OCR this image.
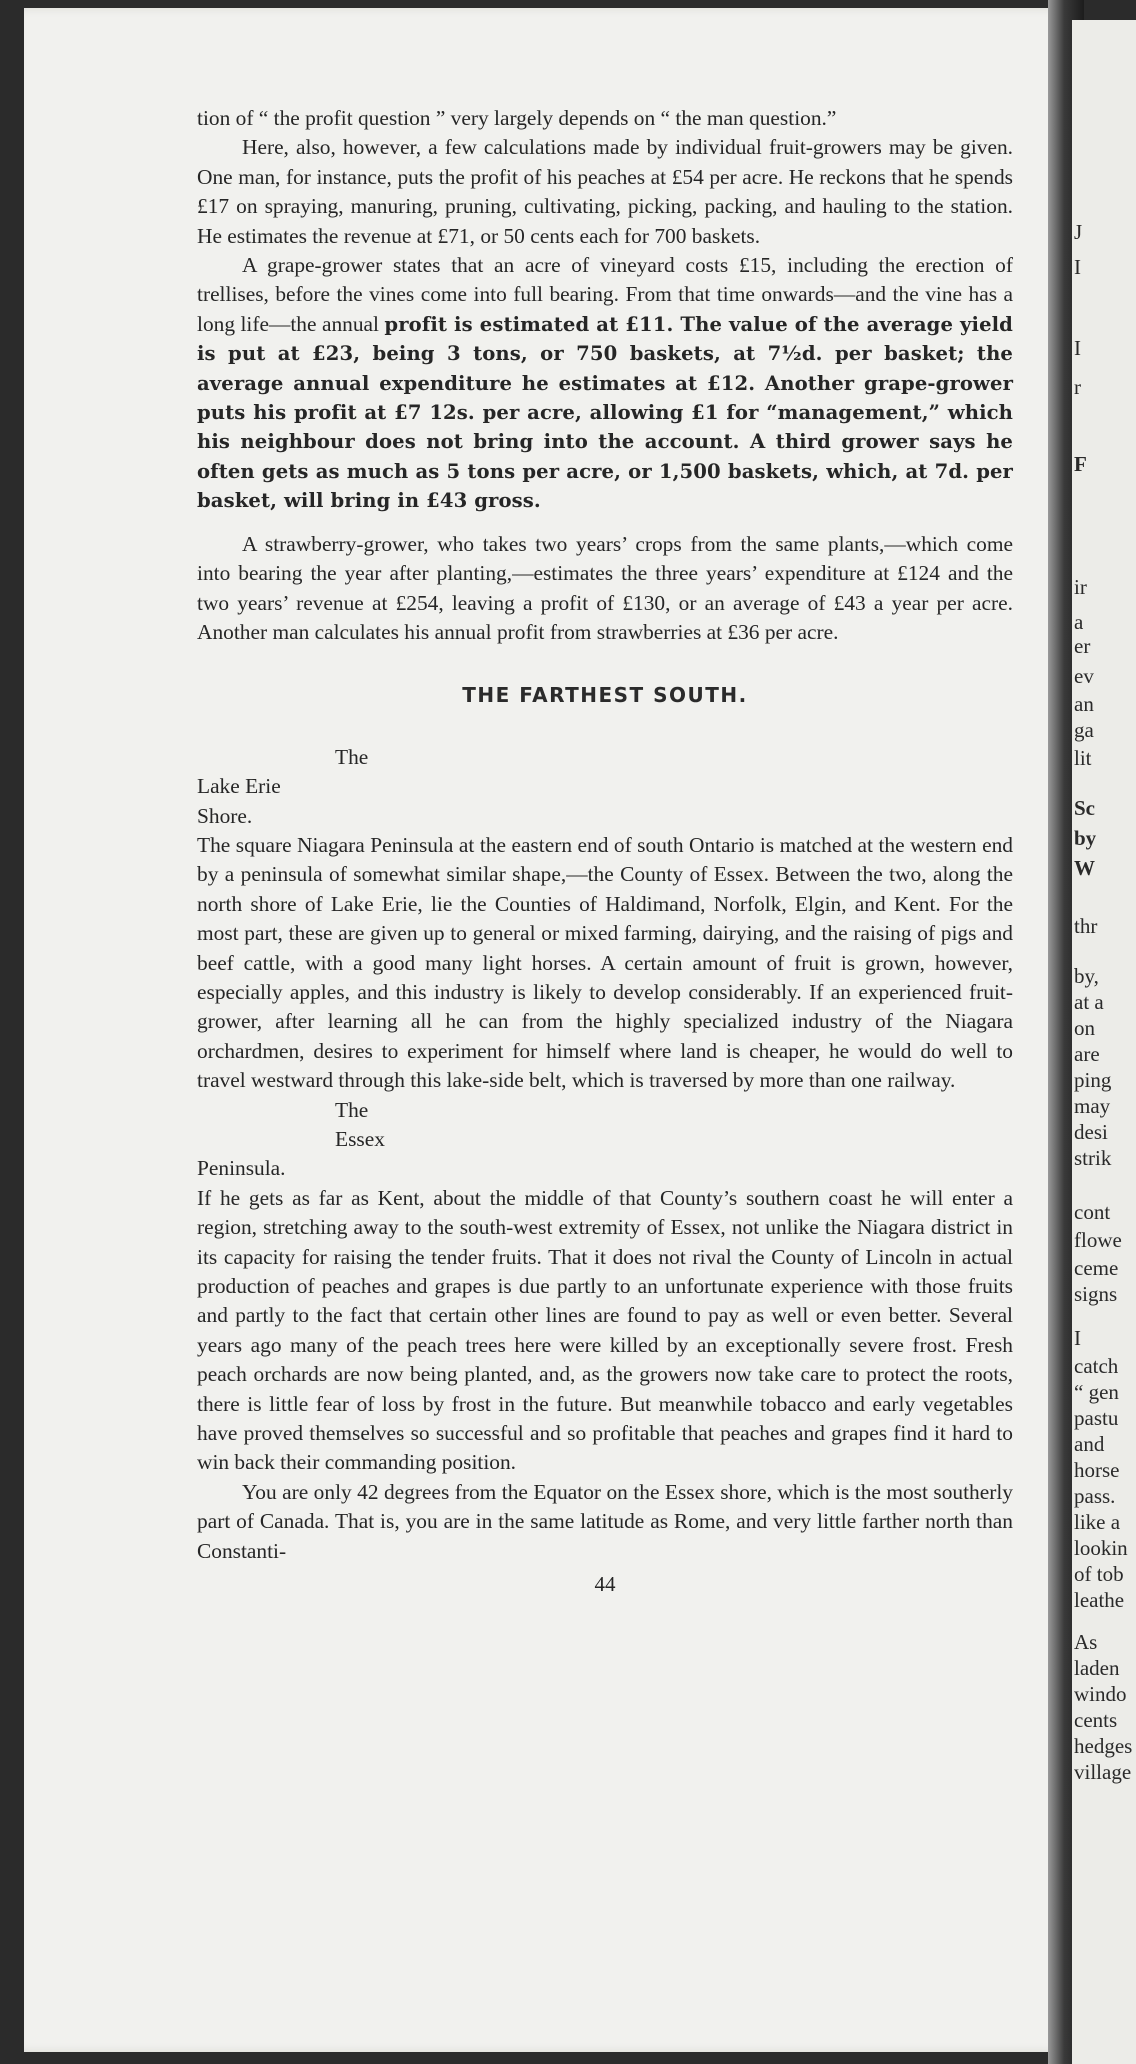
J
I
I
r
F
ir
a
er
ev
an
ga
lit
Sc
by
W
thr
by,
at a
on
are
ping
may
desi
strik
cont
flowe
ceme
signs
I
catch
“ gen
pastu
and
horse
pass.
like a
lookin
of tob
leathe
As
laden
windo
cents
hedges
village

tion of “ the profit question ” very largely depends on “ the man question.”

Here, also, however, a few calculations made by individual fruit-growers may be given. One man, for instance, puts the profit of his peaches at £54 per acre. He reckons that he spends £17 on spraying, manuring, pruning, cultivating, picking, packing, and hauling to the station. He estimates the revenue at £71, or 50 cents each for 700 baskets.

A grape-grower states that an acre of vineyard costs £15, including the erection of trellises, before the vines come into full bearing. From that time onwards—and the vine has a long life—the annual profit is estimated at £11. The value of the average yield is put at £23, being 3 tons, or 750 baskets, at 7½d. per basket; the average annual expenditure he estimates at £12. Another grape-grower puts his profit at £7 12s. per acre, allowing £1 for “management,” which his neighbour does not bring into the account. A third grower says he often gets as much as 5 tons per acre, or 1,500 baskets, which, at 7d. per basket, will bring in £43 gross.

A strawberry-grower, who takes two years’ crops from the same plants,—which come into bearing the year after planting,—estimates the three years’ expenditure at £124 and the two years’ revenue at £254, leaving a profit of £130, or an average of £43 a year per acre. Another man calculates his annual profit from strawberries at £36 per acre.

THE FARTHEST SOUTH.

The
Lake Erie
Shore.
The square Niagara Peninsula at the eastern end of south Ontario is matched at the western end by a peninsula of somewhat similar shape,—the County of Essex. Between the two, along the north shore of Lake Erie, lie the Counties of Haldimand, Norfolk, Elgin, and Kent. For the most part, these are given up to general or mixed farming, dairying, and the raising of pigs and beef cattle, with a good many light horses. A certain amount of fruit is grown, however, especially apples, and this industry is likely to develop considerably. If an experienced fruit-grower, after learning all he can from the highly specialized industry of the Niagara orchardmen, desires to experiment for himself where land is cheaper, he would do well to travel westward through this lake-side belt, which is traversed by more than one railway.

The
Essex
Peninsula.
If he gets as far as Kent, about the middle of that County’s southern coast he will enter a region, stretching away to the south-west extremity of Essex, not unlike the Niagara district in its capacity for raising the tender fruits. That it does not rival the County of Lincoln in actual production of peaches and grapes is due partly to an unfortunate experience with those fruits and partly to the fact that certain other lines are found to pay as well or even better. Several years ago many of the peach trees here were killed by an exceptionally severe frost. Fresh peach orchards are now being planted, and, as the growers now take care to protect the roots, there is little fear of loss by frost in the future. But meanwhile tobacco and early vegetables have proved themselves so successful and so profitable that peaches and grapes find it hard to win back their commanding position.

You are only 42 degrees from the Equator on the Essex shore, which is the most southerly part of Canada. That is, you are in the same latitude as Rome, and very little farther north than Constanti-

44
